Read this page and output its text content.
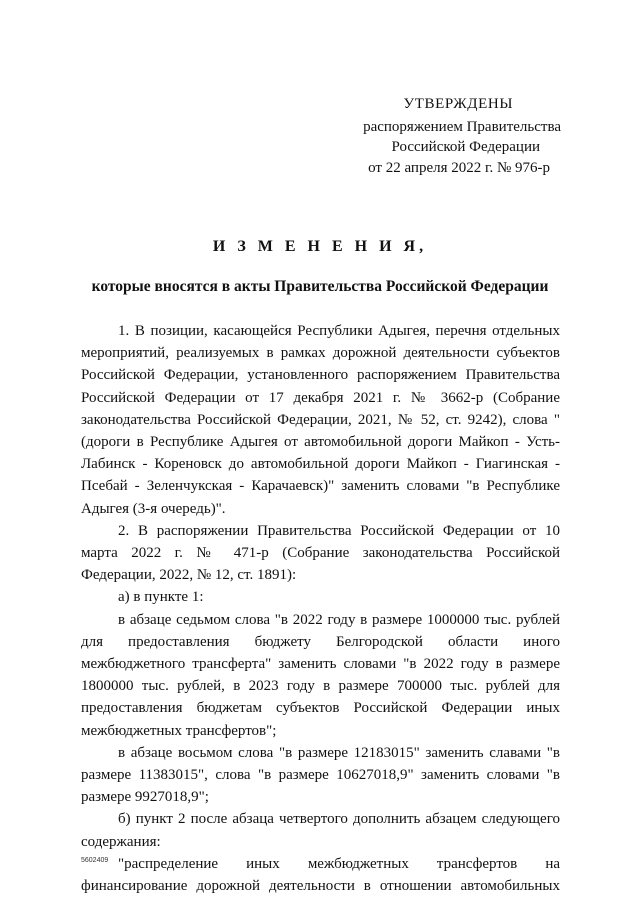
УТВЕРЖДЕНЫ
распоряжением Правительства
Российской Федерации
от 22 апреля 2022 г. № 976-р
И З М Е Н Е Н И Я,
которые вносятся в акты Правительства Российской Федерации

1. В позиции, касающейся Республики Адыгея, перечня отдельных мероприятий, реализуемых в рамках дорожной деятельности субъектов Российской Федерации, установленного распоряжением Правительства Российской Федерации от 17 декабря 2021 г. № 3662-р (Собрание законодательства Российской Федерации, 2021, № 52, ст. 9242), слова "(дороги в Республике Адыгея от автомобильной дороги Майкоп - Усть-Лабинск - Кореновск до автомобильной дороги Майкоп - Гиагинская - Псебай - Зеленчукская - Карачаевск)" заменить словами "в Республике Адыгея (3-я очередь)".

2. В распоряжении Правительства Российской Федерации от 10 марта 2022 г. № 471-р (Собрание законодательства Российской Федерации, 2022, № 12, ст. 1891):

а) в пункте 1:

в абзаце седьмом слова "в 2022 году в размере 1000000 тыс. рублей для предоставления бюджету Белгородской области иного межбюджетного трансферта" заменить словами "в 2022 году в размере 1800000 тыс. рублей, в 2023 году в размере 700000 тыс. рублей для предоставления бюджетам субъектов Российской Федерации иных межбюджетных трансфертов";

в абзаце восьмом слова "в размере 12183015" заменить славами "в размере 11383015", слова "в размере 10627018,9" заменить словами "в размере 9927018,9";

б) пункт 2 после абзаца четвертого дополнить абзацем следующего содержания:

"распределение иных межбюджетных трансфертов на финансирование дорожной деятельности в отношении автомобильных

5602409
